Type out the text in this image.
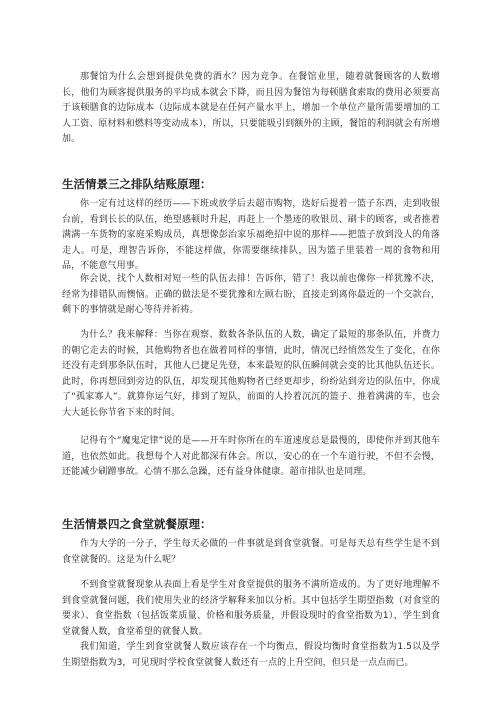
那餐馆为什么会想到提供免费的酒水？因为竞争。在餐馆业里，随着就餐顾客的人数增长，他们为顾客提供服务的平均成本就会下降，而且因为餐馆为每顿膳食索取的费用必须要高于该顿膳食的边际成本（边际成本就是在任何产量水平上，增加一个单位产量所需要增加的工人工资、原材料和燃料等变动成本），所以，只要能吸引到额外的主顾，餐馆的利润就会有所增加。

生活情景三之排队结账原理：

你一定有过这样的经历——下班或放学后去超市购物，选好后提着一篮子东西，走到收银台前，看到长长的队伍，绝望感顿时升起，再赶上一个墨迹的收银员、刷卡的顾客，或者推着满满一车货物的家庭采购成员，真想像彭治家乐福绝招中说的那样——把篮子放到没人的角落走人。可是，理智告诉你，不能这样做，你需要继续排队，因为篮子里装着一周的食物和用品，不能意气用事。

你会说，找个人数相对短一些的队伍去排！告诉你，错了！我以前也像你一样犹豫不决，经常为排错队而懊恼。正确的做法是不要犹豫和左顾右盼，直接走到离你最近的一个交款台，剩下的事情就是耐心等待并祈祷。

为什么？我来解释：当你在观察、数数各条队伍的人数，确定了最短的那条队伍，并费力的朝它走去的时候，其他购物者也在做着同样的事情，此时，情况已经悄然发生了变化，在你还没有走到那条队伍时，其他人已捷足先登，本来最短的队伍瞬间就会变的比其他队伍还长。此时，你再想回到旁边的队伍，却发现其他购物者已经更却步，纷纷站到旁边的队伍中，你成了“孤家寡人”。就算你运气好，排到了短队，前面的人拎着沉沉的篮子、推着满满的车，也会大大延长你节省下来的时间。

记得有个“魔鬼定律”说的是——开车时你所在的车道速度总是最慢的，即使你并到其他车道，也依然如此。我想每个人对此都深有体会。所以，安心的在一个车道行驶，不但不会慢，还能减少刷蹭事故。心情不那么急躁，还有益身体健康。超市排队也是同理。

生活情景四之食堂就餐原理：

作为大学的一分子，学生每天必做的一件事就是到食堂就餐。可是每天总有些学生是不到食堂就餐的。这是为什么呢？

不到食堂就餐现象从表面上看是学生对食堂提供的服务不满所造成的。为了更好地理解不到食堂就餐问题，我们使用失业的经济学解释来加以分析。其中包括学生期望指数（对食堂的要求）、食堂指数（包括饭菜质量、价格和服务质量，并假设现时的食堂指数为1），学生到食堂就餐人数，食堂希望的就餐人数。

我们知道，学生到食堂就餐人数应该存在一个均衡点，假设均衡时食堂指数为1.5以及学生期望指数为3，可见现时学校食堂就餐人数还有一点的上升空间，但只是一点点而已。
